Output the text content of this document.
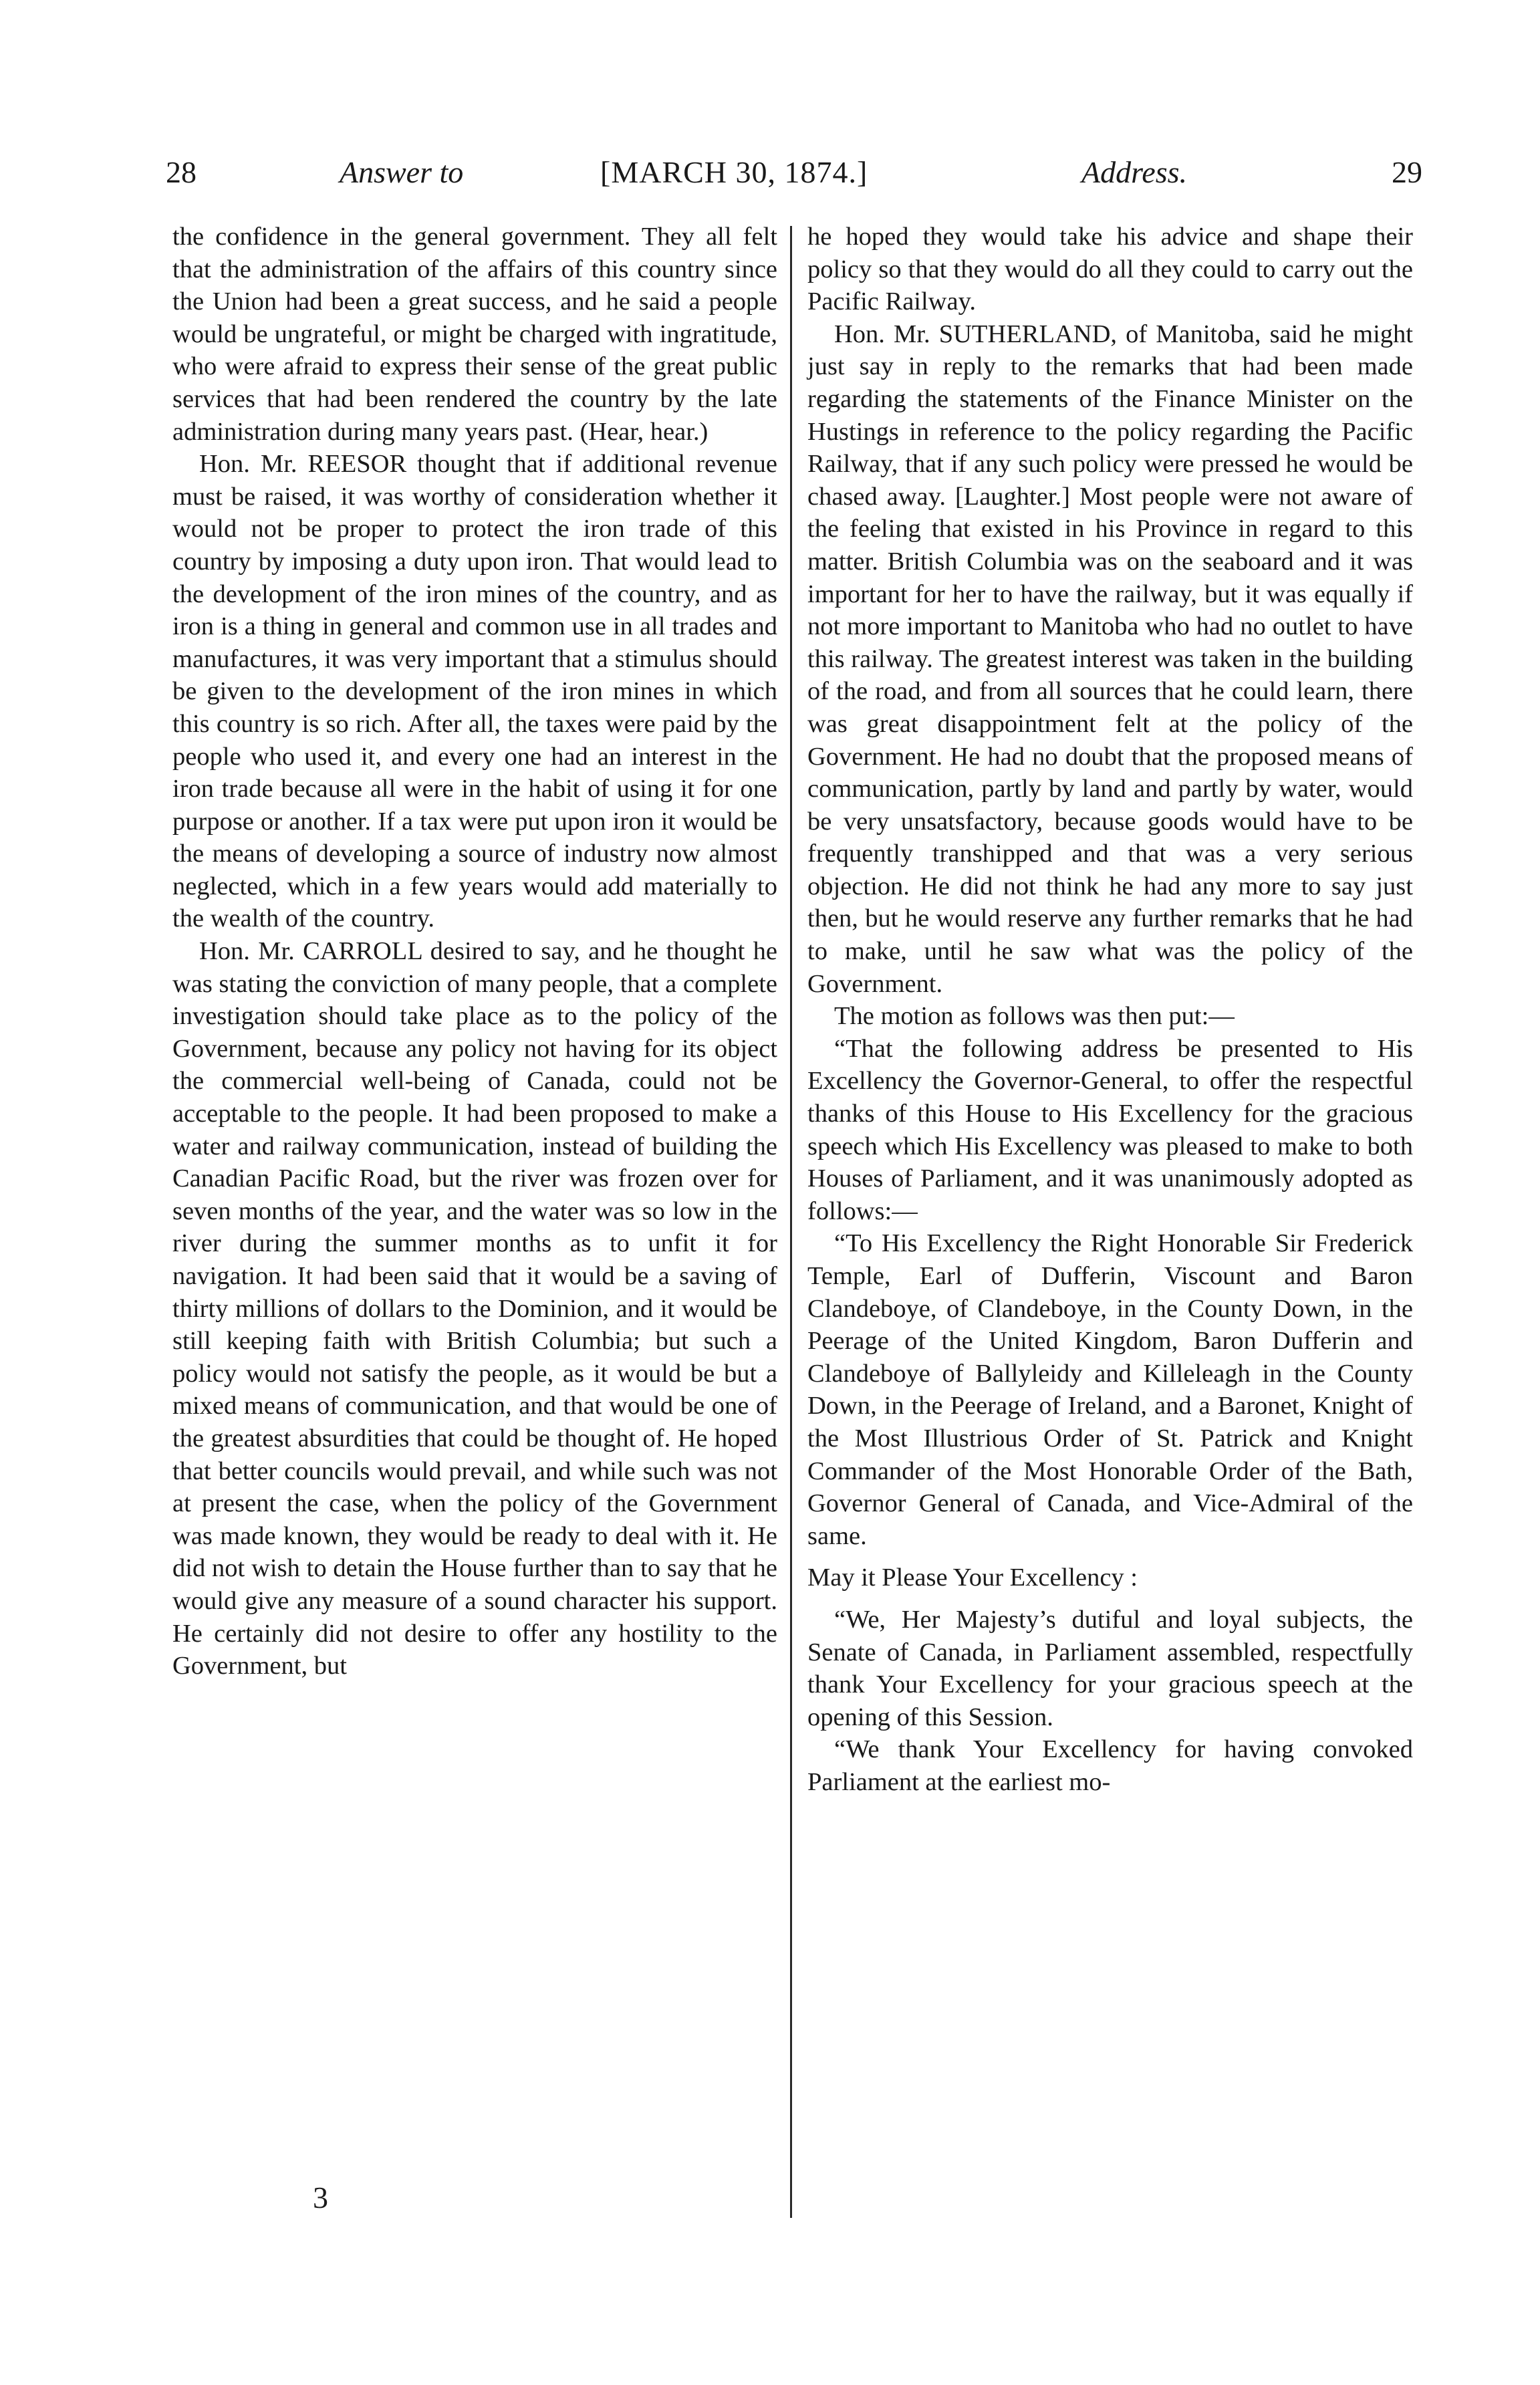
28	Answer to	[MARCH 30, 1874.]	Address.	29

the confidence in the general government. They all felt that the administration of the affairs of this country since the Union had been a great success, and he said a people would be ungrateful, or might be charged with ingratitude, who were afraid to express their sense of the great public services that had been rendered the country by the late administration during many years past. (Hear, hear.)

Hon. Mr. REESOR thought that if additional revenue must be raised, it was worthy of consideration whether it would not be proper to protect the iron trade of this country by imposing a duty upon iron. That would lead to the development of the iron mines of the country, and as iron is a thing in general and common use in all trades and manufactures, it was very important that a stimulus should be given to the development of the iron mines in which this country is so rich. After all, the taxes were paid by the people who used it, and every one had an interest in the iron trade because all were in the habit of using it for one purpose or another. If a tax were put upon iron it would be the means of developing a source of industry now almost neglected, which in a few years would add materially to the wealth of the country.

Hon. Mr. CARROLL desired to say, and he thought he was stating the conviction of many people, that a complete investigation should take place as to the policy of the Government, because any policy not having for its object the commercial well-being of Canada, could not be acceptable to the people. It had been proposed to make a water and railway communication, instead of building the Canadian Pacific Road, but the river was frozen over for seven months of the year, and the water was so low in the river during the summer months as to unfit it for navigation. It had been said that it would be a saving of thirty millions of dollars to the Dominion, and it would be still keeping faith with British Columbia; but such a policy would not satisfy the people, as it would be but a mixed means of communication, and that would be one of the greatest absurdities that could be thought of. He hoped that better councils would prevail, and while such was not at present the case, when the policy of the Government was made known, they would be ready to deal with it. He did not wish to detain the House further than to say that he would give any measure of a sound character his support. He certainly did not desire to offer any hostility to the Government, but

he hoped they would take his advice and shape their policy so that they would do all they could to carry out the Pacific Railway.

Hon. Mr. SUTHERLAND, of Manitoba, said he might just say in reply to the remarks that had been made regarding the statements of the Finance Minister on the Hustings in reference to the policy regarding the Pacific Railway, that if any such policy were pressed he would be chased away. [Laughter.] Most people were not aware of the feeling that existed in his Province in regard to this matter. British Columbia was on the seaboard and it was important for her to have the railway, but it was equally if not more important to Manitoba who had no outlet to have this railway. The greatest interest was taken in the building of the road, and from all sources that he could learn, there was great disappointment felt at the policy of the Government. He had no doubt that the proposed means of communication, partly by land and partly by water, would be very unsatsfactory, because goods would have to be frequently transhipped and that was a very serious objection. He did not think he had any more to say just then, but he would reserve any further remarks that he had to make, until he saw what was the policy of the Government.

The motion as follows was then put:—

“That the following address be presented to His Excellency the Governor-General, to offer the respectful thanks of this House to His Excellency for the gracious speech which His Excellency was pleased to make to both Houses of Parliament, and it was unanimously adopted as follows:—

“To His Excellency the Right Honorable Sir Frederick Temple, Earl of Dufferin, Viscount and Baron Clandeboye, of Clandeboye, in the County Down, in the Peerage of the United Kingdom, Baron Dufferin and Clandeboye of Ballyleidy and Killeleagh in the County Down, in the Peerage of Ireland, and a Baronet, Knight of the Most Illustrious Order of St. Patrick and Knight Commander of the Most Honorable Order of the Bath, Governor General of Canada, and Vice-Admiral of the same.

May it Please Your Excellency :

“We, Her Majesty’s dutiful and loyal subjects, the Senate of Canada, in Parliament assembled, respectfully thank Your Excellency for your gracious speech at the opening of this Session.

“We thank Your Excellency for having convoked Parliament at the earliest mo-

3
